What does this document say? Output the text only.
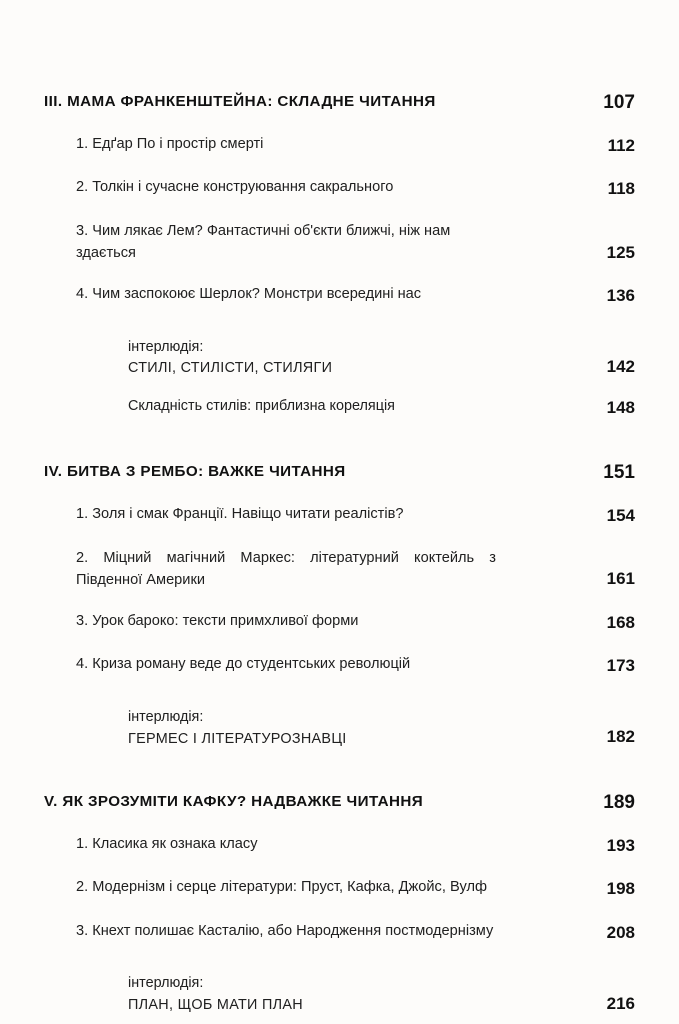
III. МАМА ФРАНКЕНШТЕЙНА: СКЛАДНЕ ЧИТАННЯ	107
1. Едґар По і простір смерті	112
2. Толкін і сучасне конструювання сакрального	118
3. Чим лякає Лем? Фантастичні об'єкти ближчі, ніж нам здається	125
4. Чим заспокоює Шерлок? Монстри всередині нас	136
інтерлюдія:
СТИЛІ, СТИЛІСТИ, СТИЛЯГИ	142
Складність стилів: приблизна кореляція	148
IV. БИТВА З РЕМБО: ВАЖКЕ ЧИТАННЯ	151
1. Золя і смак Франції. Навіщо читати реалістів?	154
2. Міцний магічний Маркес: літературний коктейль з Південної Америки	161
3. Урок бароко: тексти примхливої форми	168
4. Криза роману веде до студентських революцій	173
інтерлюдія:
ГЕРМЕС І ЛІТЕРАТУРОЗНАВЦІ	182
V. ЯК ЗРОЗУМІТИ КАФКУ? НАДВАЖКЕ ЧИТАННЯ	189
1. Класика як ознака класу	193
2. Модернізм і серце літератури: Пруст, Кафка, Джойс, Вулф	198
3. Кнехт полишає Касталію, або Народження постмодернізму	208
інтерлюдія:
ПЛАН, ЩОБ МАТИ ПЛАН	216
